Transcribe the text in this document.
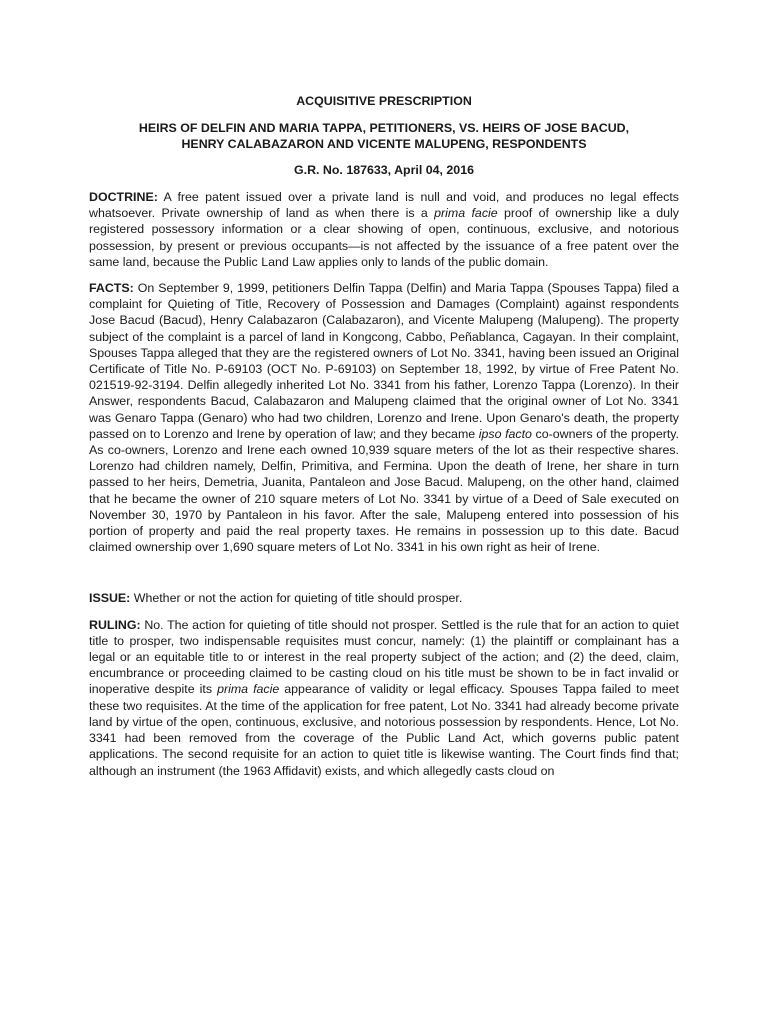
ACQUISITIVE PRESCRIPTION
HEIRS OF DELFIN AND MARIA TAPPA, PETITIONERS, VS. HEIRS OF JOSE BACUD,
HENRY CALABAZARON AND VICENTE MALUPENG, RESPONDENTS
G.R. No. 187633, April 04, 2016

DOCTRINE: A free patent issued over a private land is null and void, and produces no legal effects whatsoever. Private ownership of land as when there is a prima facie proof of ownership like a duly registered possessory information or a clear showing of open, continuous, exclusive, and notorious possession, by present or previous occupants—is not affected by the issuance of a free patent over the same land, because the Public Land Law applies only to lands of the public domain.

FACTS: On September 9, 1999, petitioners Delfin Tappa (Delfin) and Maria Tappa (Spouses Tappa) filed a complaint for Quieting of Title, Recovery of Possession and Damages (Complaint) against respondents Jose Bacud (Bacud), Henry Calabazaron (Calabazaron), and Vicente Malupeng (Malupeng). The property subject of the complaint is a parcel of land in Kongcong, Cabbo, Peñablanca, Cagayan. In their complaint, Spouses Tappa alleged that they are the registered owners of Lot No. 3341, having been issued an Original Certificate of Title No. P-69103 (OCT No. P-69103) on September 18, 1992, by virtue of Free Patent No. 021519-92-3194. Delfin allegedly inherited Lot No. 3341 from his father, Lorenzo Tappa (Lorenzo). In their Answer, respondents Bacud, Calabazaron and Malupeng claimed that the original owner of Lot No. 3341 was Genaro Tappa (Genaro) who had two children, Lorenzo and Irene. Upon Genaro's death, the property passed on to Lorenzo and Irene by operation of law; and they became ipso facto co-owners of the property. As co-owners, Lorenzo and Irene each owned 10,939 square meters of the lot as their respective shares. Lorenzo had children namely, Delfin, Primitiva, and Fermina. Upon the death of Irene, her share in turn passed to her heirs, Demetria, Juanita, Pantaleon and Jose Bacud. Malupeng, on the other hand, claimed that he became the owner of 210 square meters of Lot No. 3341 by virtue of a Deed of Sale executed on November 30, 1970 by Pantaleon in his favor. After the sale, Malupeng entered into possession of his portion of property and paid the real property taxes. He remains in possession up to this date. Bacud claimed ownership over 1,690 square meters of Lot No. 3341 in his own right as heir of Irene.

ISSUE: Whether or not the action for quieting of title should prosper.

RULING: No. The action for quieting of title should not prosper. Settled is the rule that for an action to quiet title to prosper, two indispensable requisites must concur, namely: (1) the plaintiff or complainant has a legal or an equitable title to or interest in the real property subject of the action; and (2) the deed, claim, encumbrance or proceeding claimed to be casting cloud on his title must be shown to be in fact invalid or inoperative despite its prima facie appearance of validity or legal efficacy. Spouses Tappa failed to meet these two requisites. At the time of the application for free patent, Lot No. 3341 had already become private land by virtue of the open, continuous, exclusive, and notorious possession by respondents. Hence, Lot No. 3341 had been removed from the coverage of the Public Land Act, which governs public patent applications. The second requisite for an action to quiet title is likewise wanting. The Court finds find that; although an instrument (the 1963 Affidavit) exists, and which allegedly casts cloud on
